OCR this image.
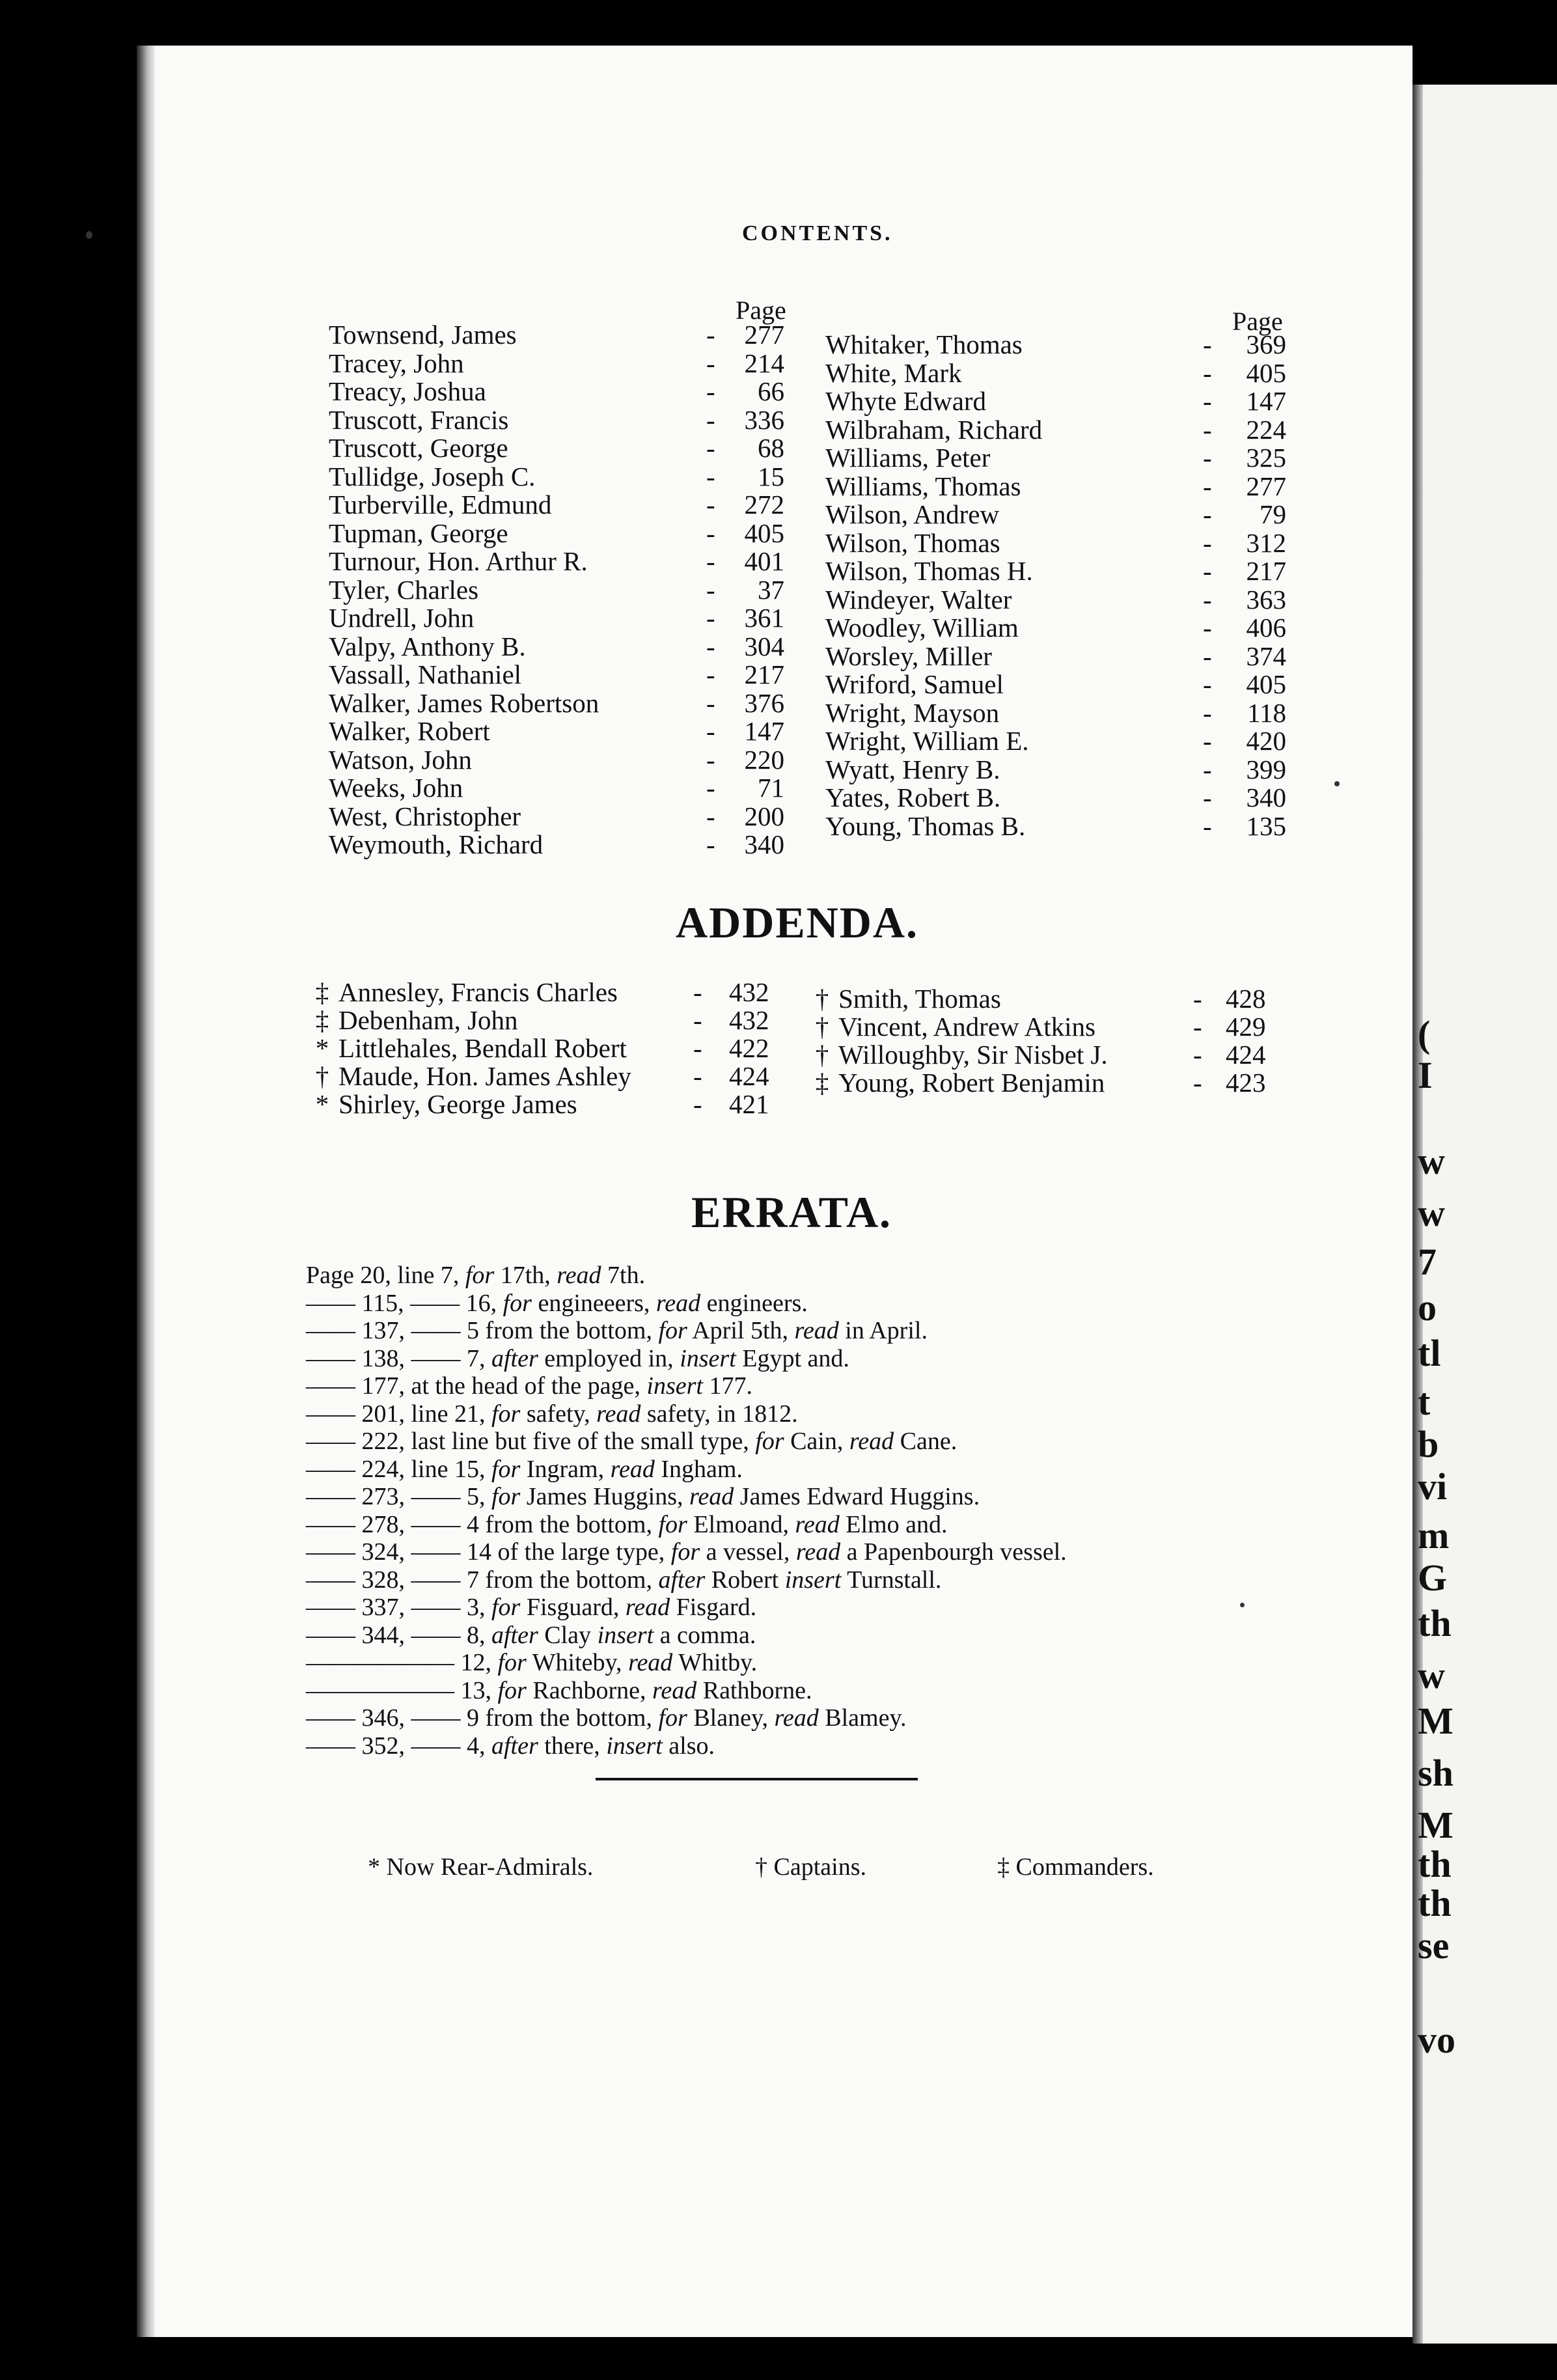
CONTENTS.
Page	Page
Townsend, James	-	277
Tracey, John	-	214
Treacy, Joshua	-	66
Truscott, Francis	-	336
Truscott, George	-	68
Tullidge, Joseph C.	-	15
Turberville, Edmund	-	272
Tupman, George	-	405
Turnour, Hon. Arthur R.	-	401
Tyler, Charles	-	37
Undrell, John	-	361
Valpy, Anthony B.	-	304
Vassall, Nathaniel	-	217
Walker, James Robertson	-	376
Walker, Robert	-	147
Watson, John	-	220
Weeks, John	-	71
West, Christopher	-	200
Weymouth, Richard	-	340
Whitaker, Thomas	-	369
White, Mark	-	405
Whyte Edward	-	147
Wilbraham, Richard	-	224
Williams, Peter	-	325
Williams, Thomas	-	277
Wilson, Andrew	-	79
Wilson, Thomas	-	312
Wilson, Thomas H.	-	217
Windeyer, Walter	-	363
Woodley, William	-	406
Worsley, Miller	-	374
Wriford, Samuel	-	405
Wright, Mayson	-	118
Wright, William E.	-	420
Wyatt, Henry B.	-	399
Yates, Robert B.	-	340
Young, Thomas B.	-	135
ADDENDA.
‡ Annesley, Francis Charles	- 432
‡ Debenham, John	- 432
* Littlehales, Bendall Robert - 422
† Maude, Hon. James Ashley - 424
* Shirley, George James	- 421
† Smith, Thomas	- 428
† Vincent, Andrew Atkins	- 429
† Willoughby, Sir Nisbet J.	- 424
‡ Young, Robert Benjamin	- 423
ERRATA.
Page 20, line 7, for 17th, read 7th.
—— 115, —— 16, for engineeers, read engineers.
—— 137, —— 5 from the bottom, for April 5th, read in April.
—— 138, —— 7, after employed in, insert Egypt and.
—— 177, at the head of the page, insert 177.
—— 201, line 21, for safety, read safety, in 1812.
—— 222, last line but five of the small type, for Cain, read Cane.
—— 224, line 15, for Ingram, read Ingham.
—— 273, —— 5, for James Huggins, read James Edward Huggins.
—— 278, —— 4 from the bottom, for Elmoand, read Elmo and.
—— 324, —— 14 of the large type, for a vessel, read a Papenbourgh vessel.
—— 328, —— 7 from the bottom, after Robert insert Turnstall.
—— 337, —— 3, for Fisguard, read Fisgard.
—— 344, —— 8, after Clay insert a comma.
—————— 12, for Whiteby, read Whitby.
—————— 13, for Rachborne, read Rathborne.
—— 346, —— 9 from the bottom, for Blaney, read Blamey.
—— 352, —— 4, after there, insert also.
* Now Rear-Admirals.	† Captains.	‡ Commanders.
(
I
w
w
7
o
tl
t
b
vi
m
G
th
w
M
sh
M
th
th
se
vo
